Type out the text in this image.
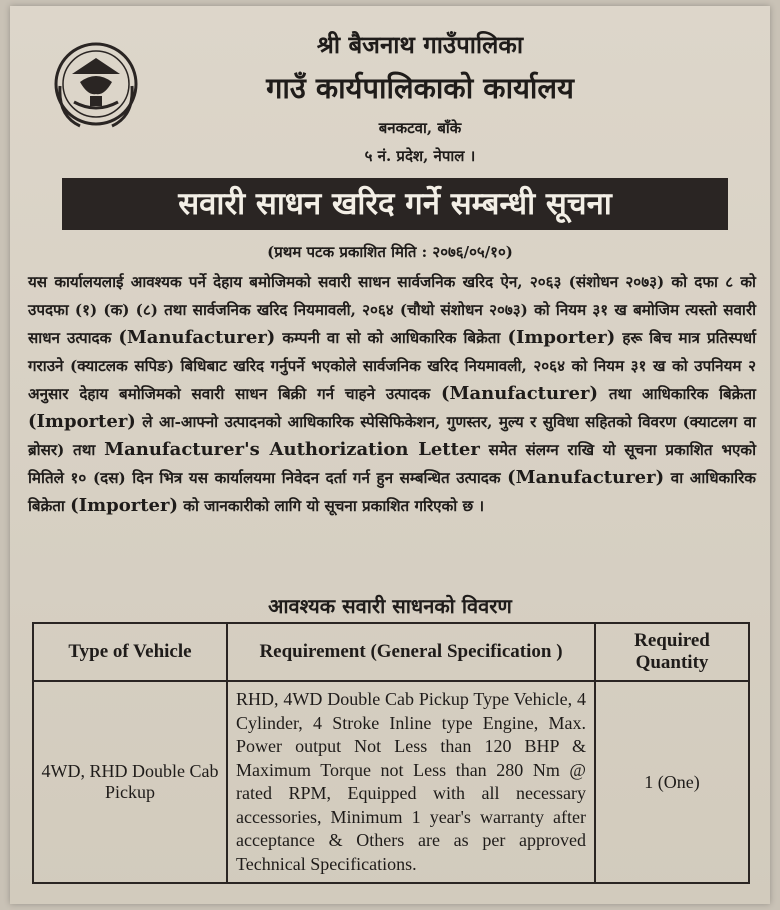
श्री बैजनाथ गाउँपालिका
गाउँ कार्यपालिकाको कार्यालय
बनकटवा, बाँके
५ नं. प्रदेश, नेपाल ।
सवारी साधन खरिद गर्ने सम्बन्धी सूचना
(प्रथम पटक प्रकाशित मिति : २०७६/०५/१०)
यस कार्यालयलाई आवश्यक पर्ने देहाय बमोजिमको सवारी साधन सार्वजनिक खरिद ऐन, २०६३ (संशोधन २०७३) को दफा ८ को उपदफा (१) (क) (८) तथा सार्वजनिक खरिद नियमावली, २०६४ (चौथो संशोधन २०७३) को नियम ३१ ख बमोजिम त्यस्तो सवारी साधन उत्पादक (Manufacturer) कम्पनी वा सो को आधिकारिक बिक्रेता (Importer) हरू बिच मात्र प्रतिस्पर्धा गराउने (क्याटलक सपिङ) बिधिबाट खरिद गर्नुपर्ने भएकोले सार्वजनिक खरिद नियमावली, २०६४ को नियम ३१ ख को उपनियम २ अनुसार देहाय बमोजिमको सवारी साधन बिक्री गर्न चाहने उत्पादक (Manufacturer) तथा आधिकारिक बिक्रेता (Importer) ले आ-आफ्नो उत्पादनको आधिकारिक स्पेसिफिकेशन, गुणस्तर, मुल्य र सुविधा सहितको विवरण (क्याटलग वा ब्रोसर) तथा Manufacturer's Authorization Letter समेत संलग्न राखि यो सूचना प्रकाशित भएको मितिले १० (दस) दिन भित्र यस कार्यालयमा निवेदन दर्ता गर्न हुन सम्बन्धित उत्पादक (Manufacturer) वा आधिकारिक बिक्रेता (Importer) को जानकारीको लागि यो सूचना प्रकाशित गरिएको छ ।
आवश्यक सवारी साधनको विवरण
Type of Vehicle	Requirement (General Specification )	Required Quantity
4WD, RHD Double Cab Pickup	RHD, 4WD Double Cab Pickup Type Vehicle, 4 Cylinder, 4 Stroke Inline type Engine, Max. Power output Not Less than 120 BHP & Maximum Torque not Less than 280 Nm @ rated RPM, Equipped with all necessary accessories, Minimum 1 year's warranty after acceptance & Others are as per approved Technical Specifications.	1 (One)
